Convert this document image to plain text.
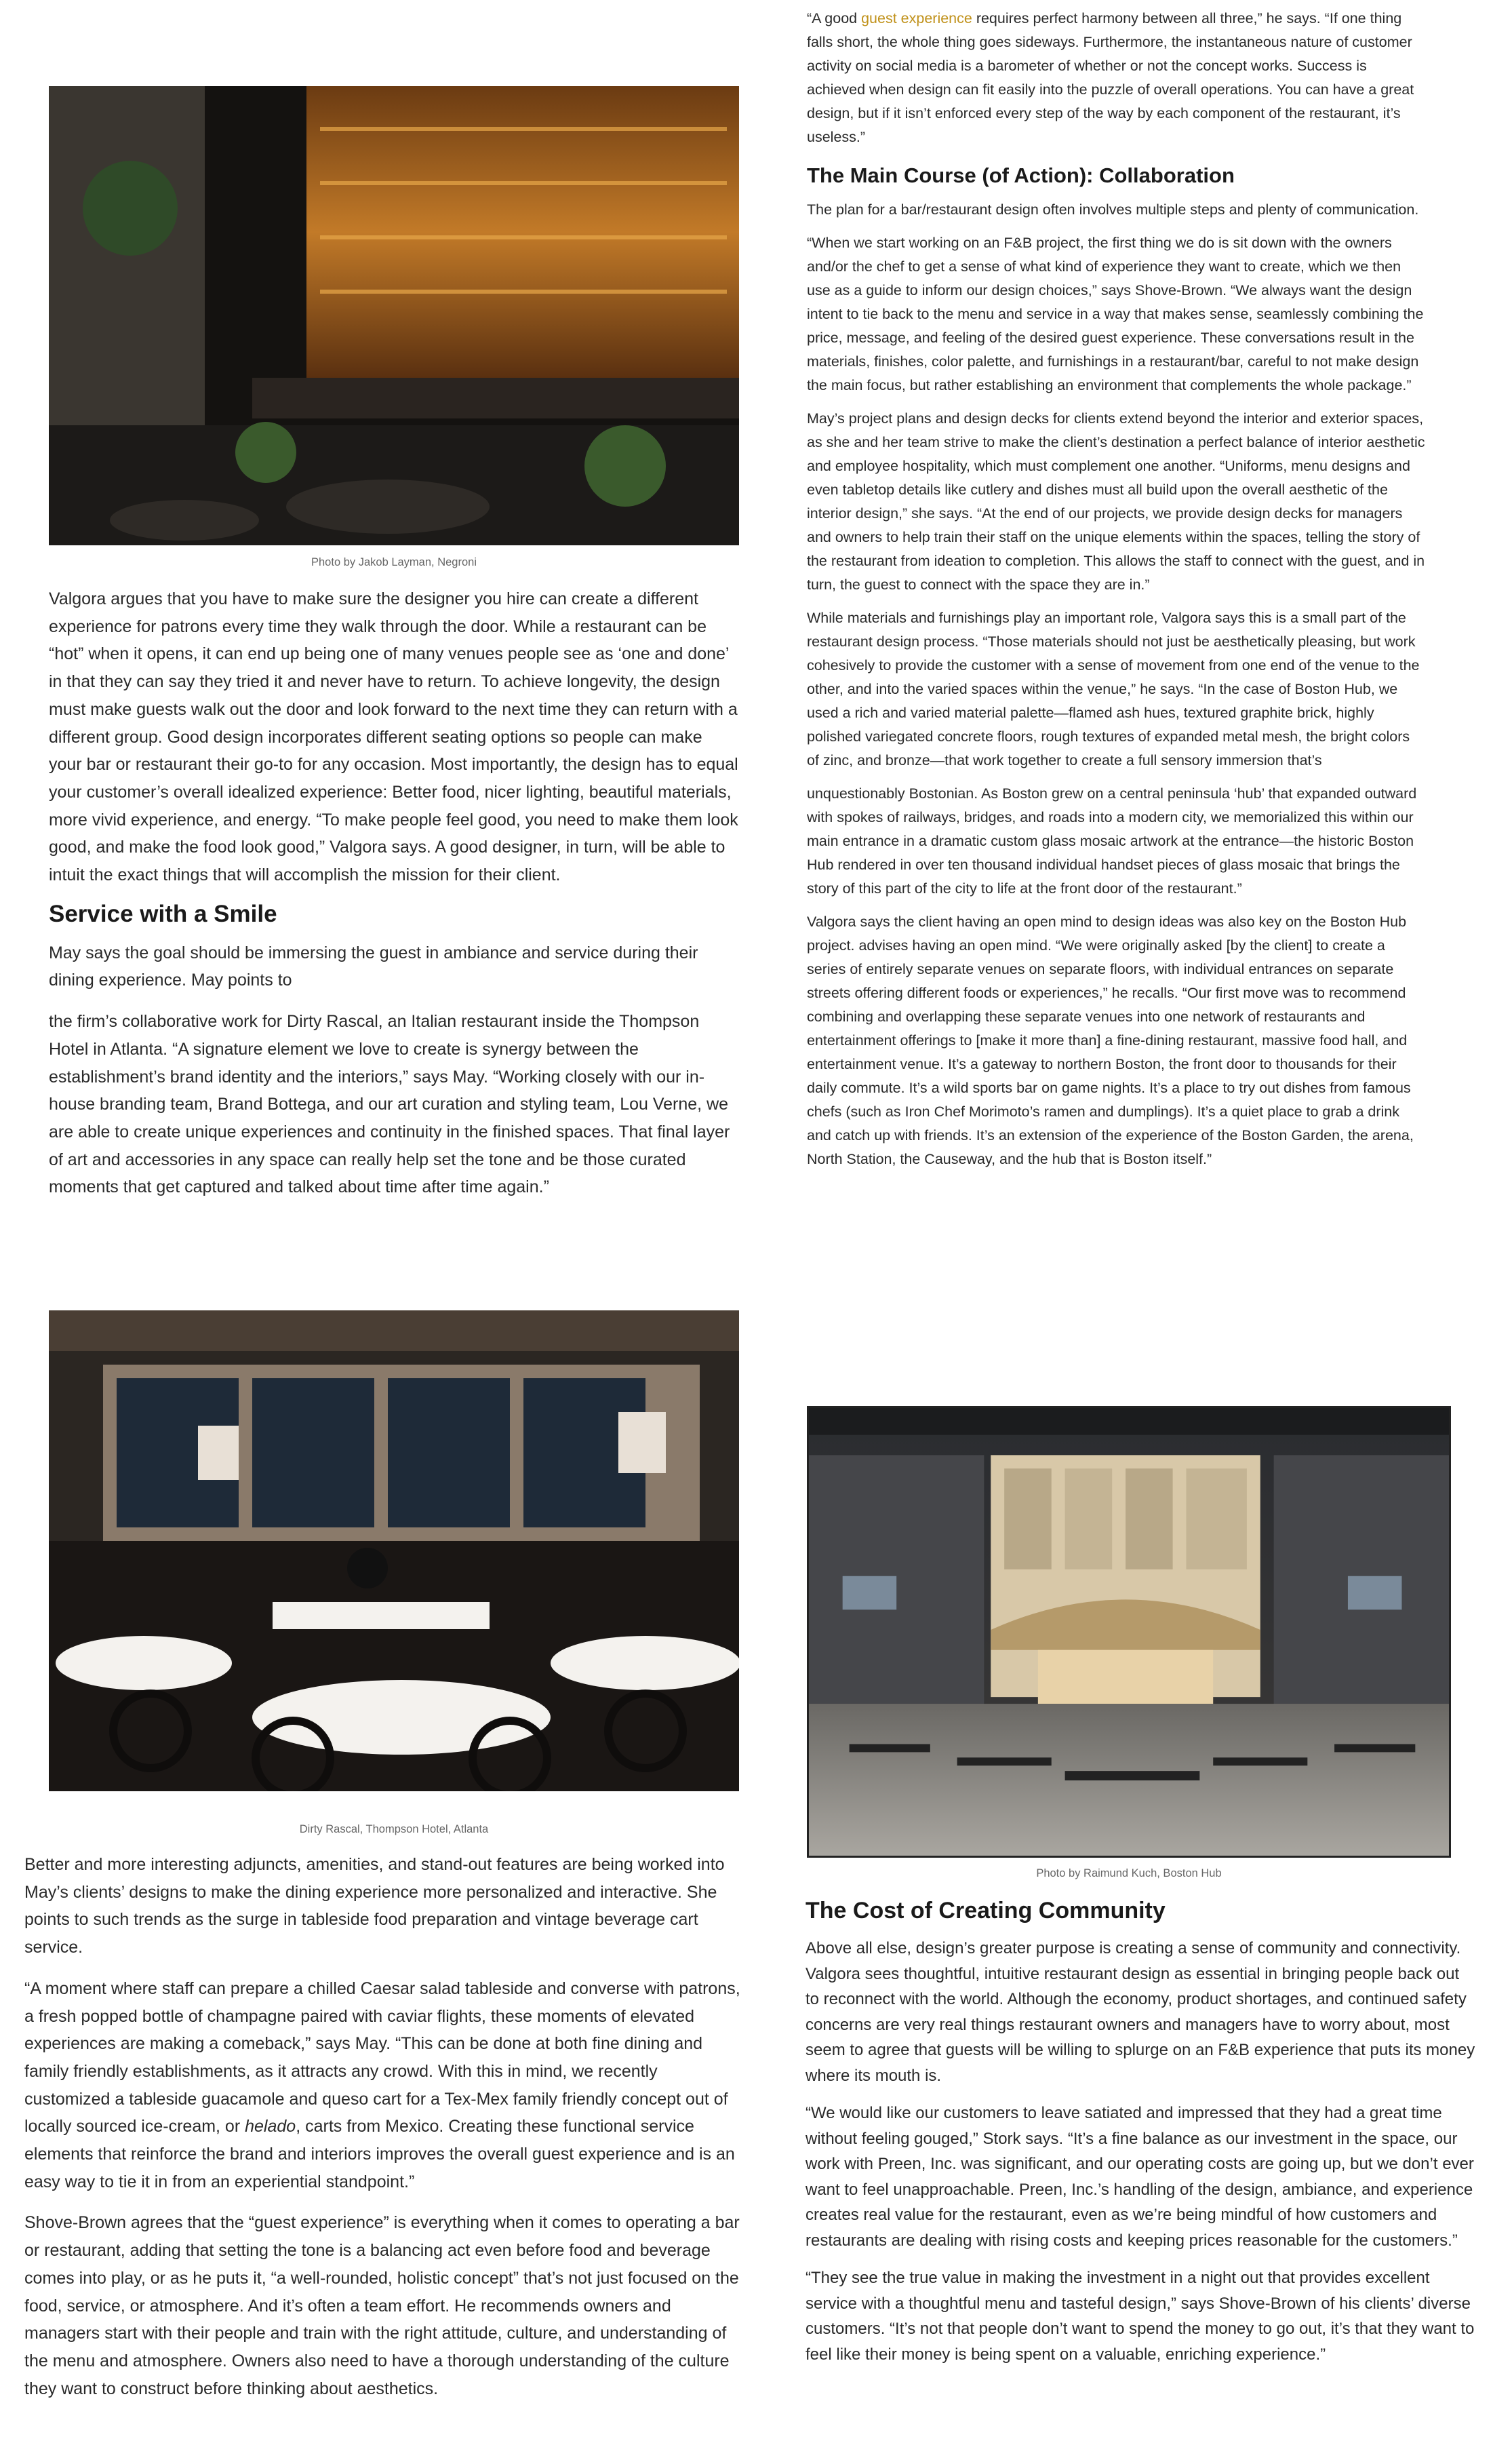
“A good guest experience requires perfect harmony between all three,” he says. “If one thing falls short, the whole thing goes sideways. Furthermore, the instantaneous nature of customer activity on social media is a barometer of whether or not the concept works. Success is achieved when design can fit easily into the puzzle of overall operations. You can have a great design, but if it isn’t enforced every step of the way by each component of the restaurant, it’s useless.”

The Main Course (of Action): Collaboration

The plan for a bar/restaurant design often involves multiple steps and plenty of communication.

“When we start working on an F&B project, the first thing we do is sit down with the owners and/or the chef to get a sense of what kind of experience they want to create, which we then use as a guide to inform our design choices,” says Shove-Brown. “We always want the design intent to tie back to the menu and service in a way that makes sense, seamlessly combining the price, message, and feeling of the desired guest experience. These conversations result in the materials, finishes, color palette, and furnishings in a restaurant/bar, careful to not make design the main focus, but rather establishing an environment that complements the whole package.”

May’s project plans and design decks for clients extend beyond the interior and exterior spaces, as she and her team strive to make the client’s destination a perfect balance of interior aesthetic and employee hospitality, which must complement one another. “Uniforms, menu designs and even tabletop details like cutlery and dishes must all build upon the overall aesthetic of the interior design,” she says. “At the end of our projects, we provide design decks for managers and owners to help train their staff on the unique elements within the spaces, telling the story of the restaurant from ideation to completion. This allows the staff to connect with the guest, and in turn, the guest to connect with the space they are in.”

While materials and furnishings play an important role, Valgora says this is a small part of the restaurant design process. “Those materials should not just be aesthetically pleasing, but work cohesively to provide the customer with a sense of movement from one end of the venue to the other, and into the varied spaces within the venue,” he says. “In the case of Boston Hub, we used a rich and varied material palette—flamed ash hues, textured graphite brick, highly polished variegated concrete floors, rough textures of expanded metal mesh, the bright colors of zinc, and bronze—that work together to create a full sensory immersion that’s

unquestionably Bostonian. As Boston grew on a central peninsula ‘hub’ that expanded outward with spokes of railways, bridges, and roads into a modern city, we memorialized this within our main entrance in a dramatic custom glass mosaic artwork at the entrance—the historic Boston Hub rendered in over ten thousand individual handset pieces of glass mosaic that brings the story of this part of the city to life at the front door of the restaurant.”

Valgora says the client having an open mind to design ideas was also key on the Boston Hub project. advises having an open mind. “We were originally asked [by the client] to create a series of entirely separate venues on separate floors, with individual entrances on separate streets offering different foods or experiences,” he recalls. “Our first move was to recommend combining and overlapping these separate venues into one network of restaurants and entertainment offerings to [make it more than] a fine-dining restaurant, massive food hall, and entertainment venue. It’s a gateway to northern Boston, the front door to thousands for their daily commute. It’s a wild sports bar on game nights. It’s a place to try out dishes from famous chefs (such as Iron Chef Morimoto’s ramen and dumplings). It’s a quiet place to grab a drink and catch up with friends. It’s an extension of the experience of the Boston Garden, the arena, North Station, the Causeway, and the hub that is Boston itself.”

Photo by Raimund Kuch, Boston Hub
The Cost of Creating Community

Above all else, design’s greater purpose is creating a sense of community and connectivity. Valgora sees thoughtful, intuitive restaurant design as essential in bringing people back out to reconnect with the world. Although the economy, product shortages, and continued safety concerns are very real things restaurant owners and managers have to worry about, most seem to agree that guests will be willing to splurge on an F&B experience that puts its money where its mouth is.

“We would like our customers to leave satiated and impressed that they had a great time without feeling gouged,” Stork says. “It’s a fine balance as our investment in the space, our work with Preen, Inc. was significant, and our operating costs are going up, but we don’t ever want to feel unapproachable. Preen, Inc.’s handling of the design, ambiance, and experience creates real value for the restaurant, even as we’re being mindful of how customers and restaurants are dealing with rising costs and keeping prices reasonable for the customers.”

“They see the true value in making the investment in a night out that provides excellent service with a thoughtful menu and tasteful design,” says Shove-Brown of his clients’ diverse customers. “It’s not that people don’t want to spend the money to go out, it’s that they want to feel like their money is being spent on a valuable, enriching experience.”

Photo by Jakob Layman, Negroni

Valgora argues that you have to make sure the designer you hire can create a different experience for patrons every time they walk through the door. While a restaurant can be “hot” when it opens, it can end up being one of many venues people see as ‘one and done’ in that they can say they tried it and never have to return. To achieve longevity, the design must make guests walk out the door and look forward to the next time they can return with a different group. Good design incorporates different seating options so people can make your bar or restaurant their go-to for any occasion. Most importantly, the design has to equal your customer’s overall idealized experience: Better food, nicer lighting, beautiful materials, more vivid experience, and energy. “To make people feel good, you need to make them look good, and make the food look good,” Valgora says. A good designer, in turn, will be able to intuit the exact things that will accomplish the mission for their client.

Service with a Smile

May says the goal should be immersing the guest in ambiance and service during their dining experience. May points to

the firm’s collaborative work for Dirty Rascal, an Italian restaurant inside the Thompson Hotel in Atlanta. “A signature element we love to create is synergy between the establishment’s brand identity and the interiors,” says May. “Working closely with our in-house branding team, Brand Bottega, and our art curation and styling team, Lou Verne, we are able to create unique experiences and continuity in the finished spaces. That final layer of art and accessories in any space can really help set the tone and be those curated moments that get captured and talked about time after time again.”

Dirty Rascal, Thompson Hotel, Atlanta

Better and more interesting adjuncts, amenities, and stand-out features are being worked into May’s clients’ designs to make the dining experience more personalized and interactive. She points to such trends as the surge in tableside food preparation and vintage beverage cart service.

“A moment where staff can prepare a chilled Caesar salad tableside and converse with patrons, a fresh popped bottle of champagne paired with caviar flights, these moments of elevated experiences are making a comeback,” says May. “This can be done at both fine dining and family friendly establishments, as it attracts any crowd. With this in mind, we recently customized a tableside guacamole and queso cart for a Tex-Mex family friendly concept out of locally sourced ice-cream, or helado, carts from Mexico. Creating these functional service elements that reinforce the brand and interiors improves the overall guest experience and is an easy way to tie it in from an experiential standpoint.”

Shove-Brown agrees that the “guest experience” is everything when it comes to operating a bar or restaurant, adding that setting the tone is a balancing act even before food and beverage comes into play, or as he puts it, “a well-rounded, holistic concept” that’s not just focused on the food, service, or atmosphere. And it’s often a team effort. He recommends owners and managers start with their people and train with the right attitude, culture, and understanding of the menu and atmosphere. Owners also need to have a thorough understanding of the culture they want to construct before thinking about aesthetics.
